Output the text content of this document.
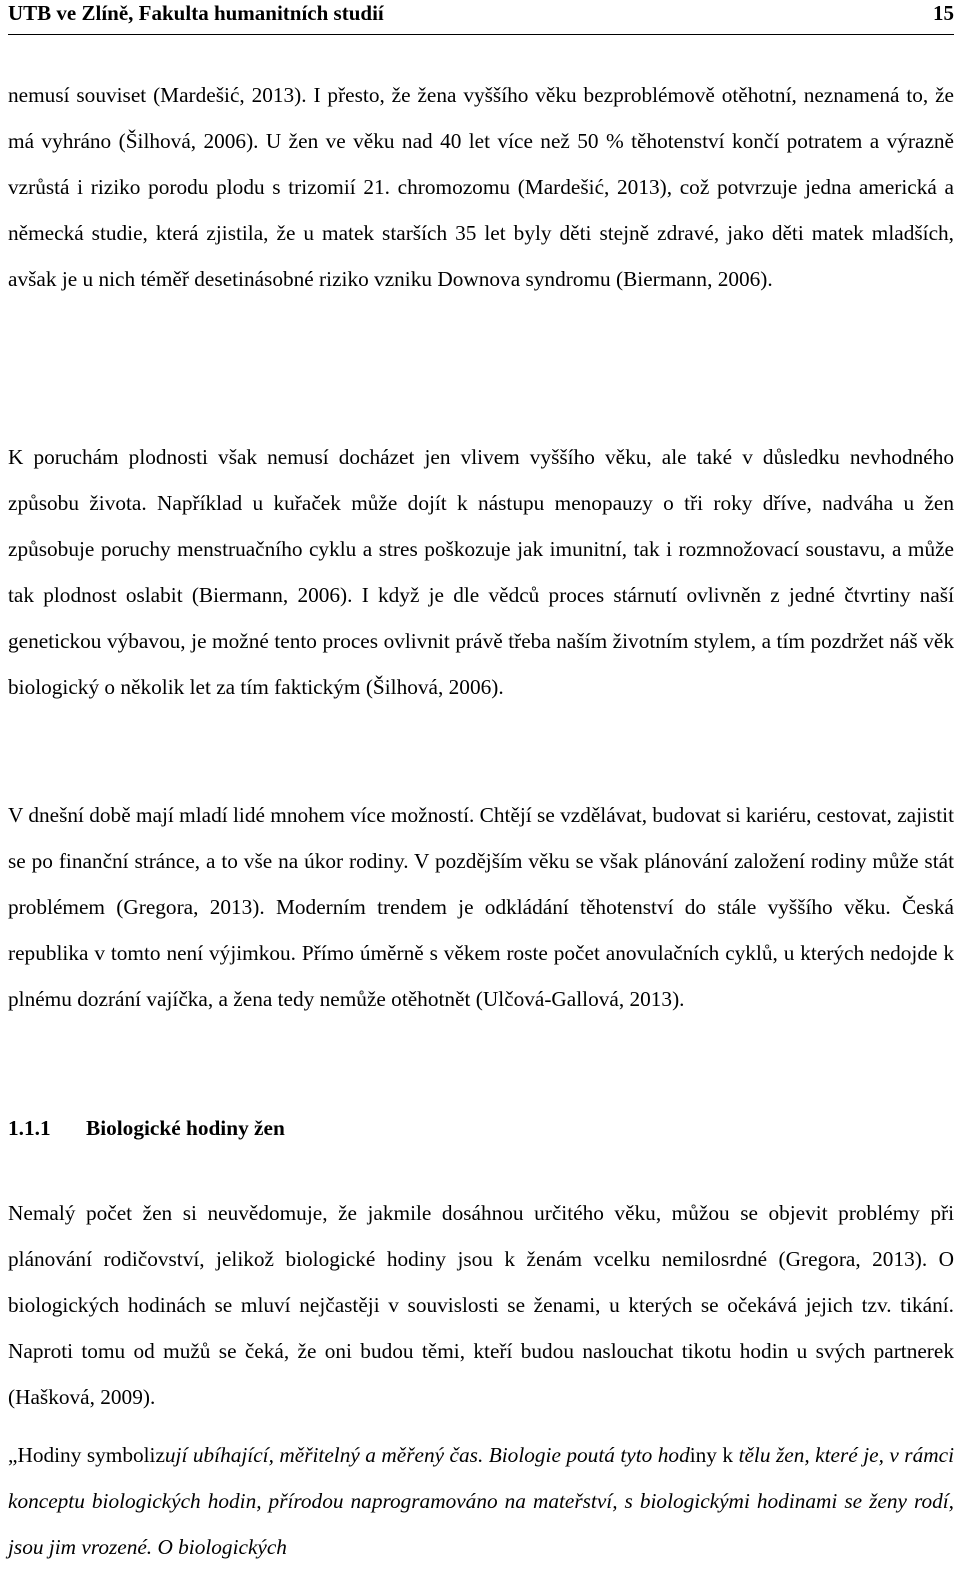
UTB ve Zlíně, Fakulta humanitních studií	15

nemusí souviset (Mardešić, 2013). I přesto, že žena vyššího věku bezproblémově otěhotní, neznamená to, že má vyhráno (Šilhová, 2006). U žen ve věku nad 40 let více než 50 % těhotenství končí potratem a výrazně vzrůstá i riziko porodu plodu s trizomií 21. chromozomu (Mardešić, 2013), což potvrzuje jedna americká a německá studie, která zjistila, že u matek starších 35 let byly děti stejně zdravé, jako děti matek mladších, avšak je u nich téměř desetinásobné riziko vzniku Downova syndromu (Biermann, 2006).

K poruchám plodnosti však nemusí docházet jen vlivem vyššího věku, ale také v důsledku nevhodného způsobu života. Například u kuřaček může dojít k nástupu menopauzy o tři roky dříve, nadváha u žen způsobuje poruchy menstruačního cyklu a stres poškozuje jak imunitní, tak i rozmnožovací soustavu, a může tak plodnost oslabit (Biermann, 2006). I když je dle vědců proces stárnutí ovlivněn z jedné čtvrtiny naší genetickou výbavou, je možné tento proces ovlivnit právě třeba naším životním stylem, a tím pozdržet náš věk biologický o několik let za tím faktickým (Šilhová, 2006).

V dnešní době mají mladí lidé mnohem více možností. Chtějí se vzdělávat, budovat si kariéru, cestovat, zajistit se po finanční stránce, a to vše na úkor rodiny. V pozdějším věku se však plánování založení rodiny může stát problémem (Gregora, 2013). Moderním trendem je odkládání těhotenství do stále vyššího věku. Česká republika v tomto není výjimkou. Přímo úměrně s věkem roste počet anovulačních cyklů, u kterých nedojde k plnému dozrání vajíčka, a žena tedy nemůže otěhotnět (Ulčová-Gallová, 2013).

1.1.1 Biologické hodiny žen

Nemalý počet žen si neuvědomuje, že jakmile dosáhnou určitého věku, můžou se objevit problémy při plánování rodičovství, jelikož biologické hodiny jsou k ženám vcelku nemilosrdné (Gregora, 2013). O biologických hodinách se mluví nejčastěji v souvislosti se ženami, u kterých se očekává jejich tzv. tikání. Naproti tomu od mužů se čeká, že oni budou těmi, kteří budou naslouchat tikotu hodin u svých partnerek (Hašková, 2009).

„Hodiny symbolizují ubíhající, měřitelný a měřený čas. Biologie poutá tyto hodiny k tělu žen, které je, v rámci konceptu biologických hodin, přírodou naprogramováno na mateřství, s biologickými hodinami se ženy rodí, jsou jim vrozené. O biologických
